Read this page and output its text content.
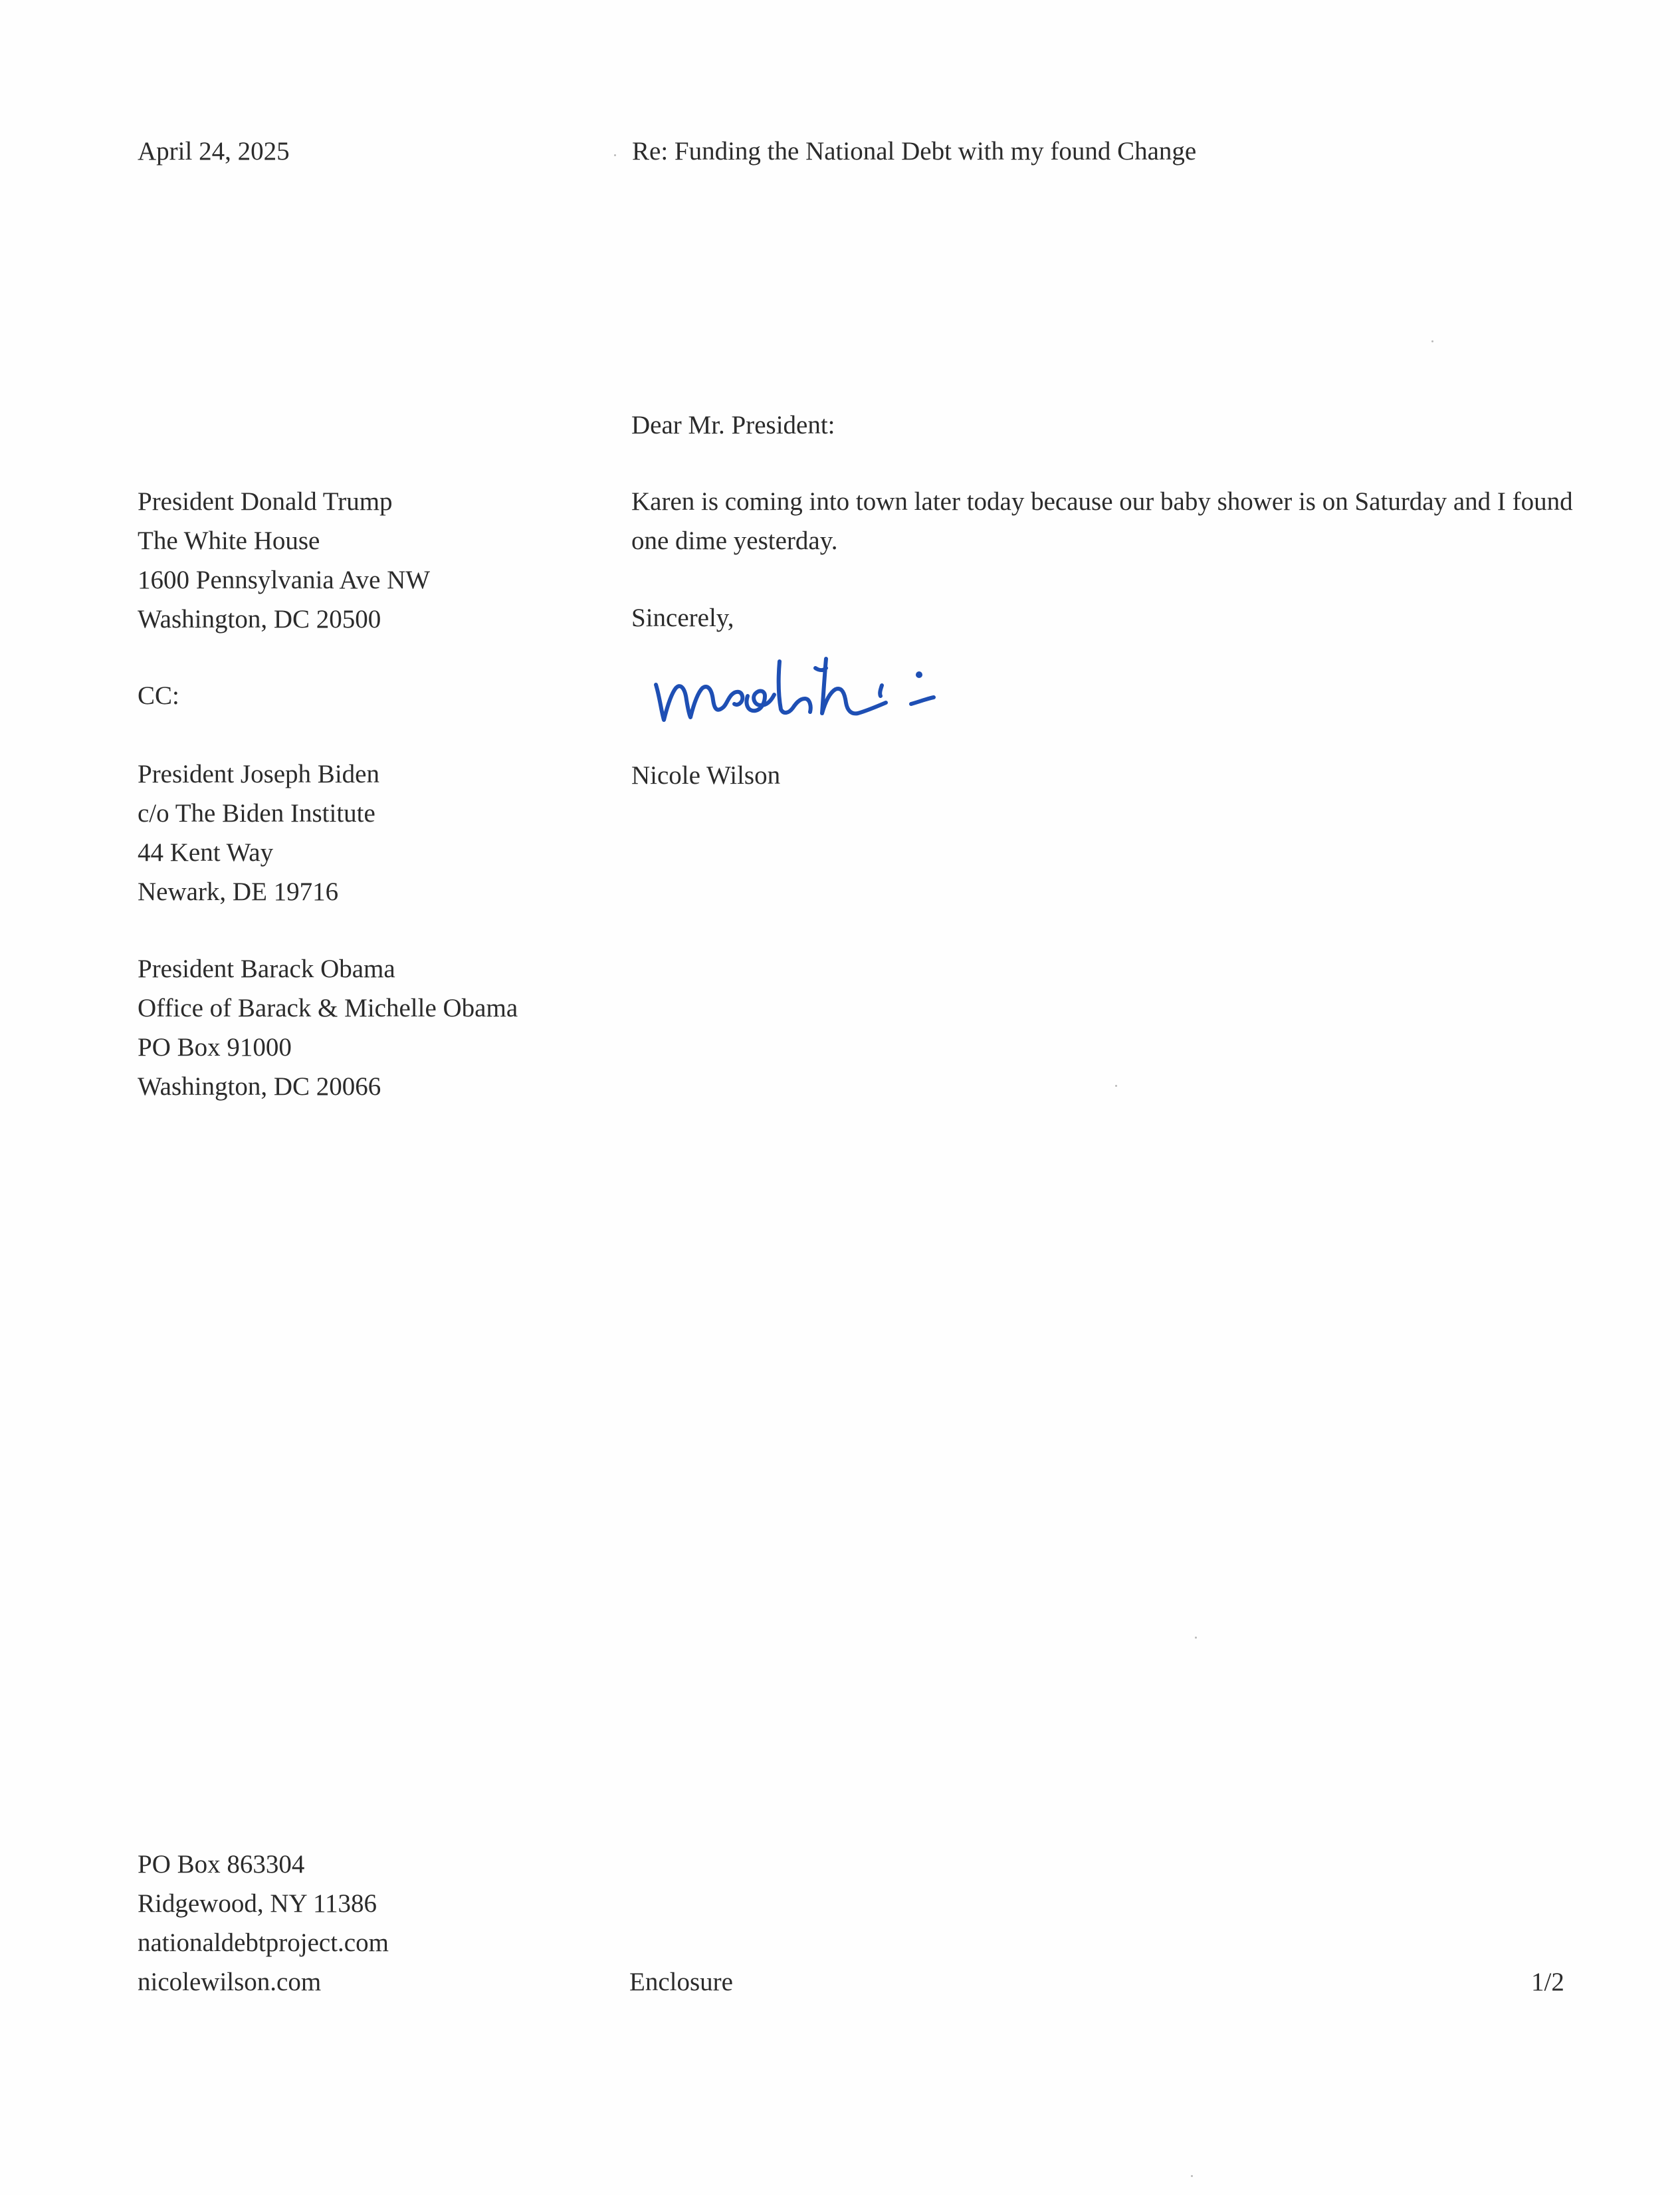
April 24, 2025	Re: Funding the National Debt with my found Change
Dear Mr. President:
President Donald Trump
The White House
1600 Pennsylvania Ave NW
Washington, DC 20500
Karen is coming into town later today because our baby shower is on Saturday and I found one dime yesterday.
Sincerely,
Nicole Wilson
CC:
President Joseph Biden
c/o The Biden Institute
44 Kent Way
Newark, DE 19716
President Barack Obama
Office of Barack & Michelle Obama
PO Box 91000
Washington, DC 20066
PO Box 863304
Ridgewood, NY 11386
nationaldebtproject.com
nicolewilson.com	Enclosure	1/2
